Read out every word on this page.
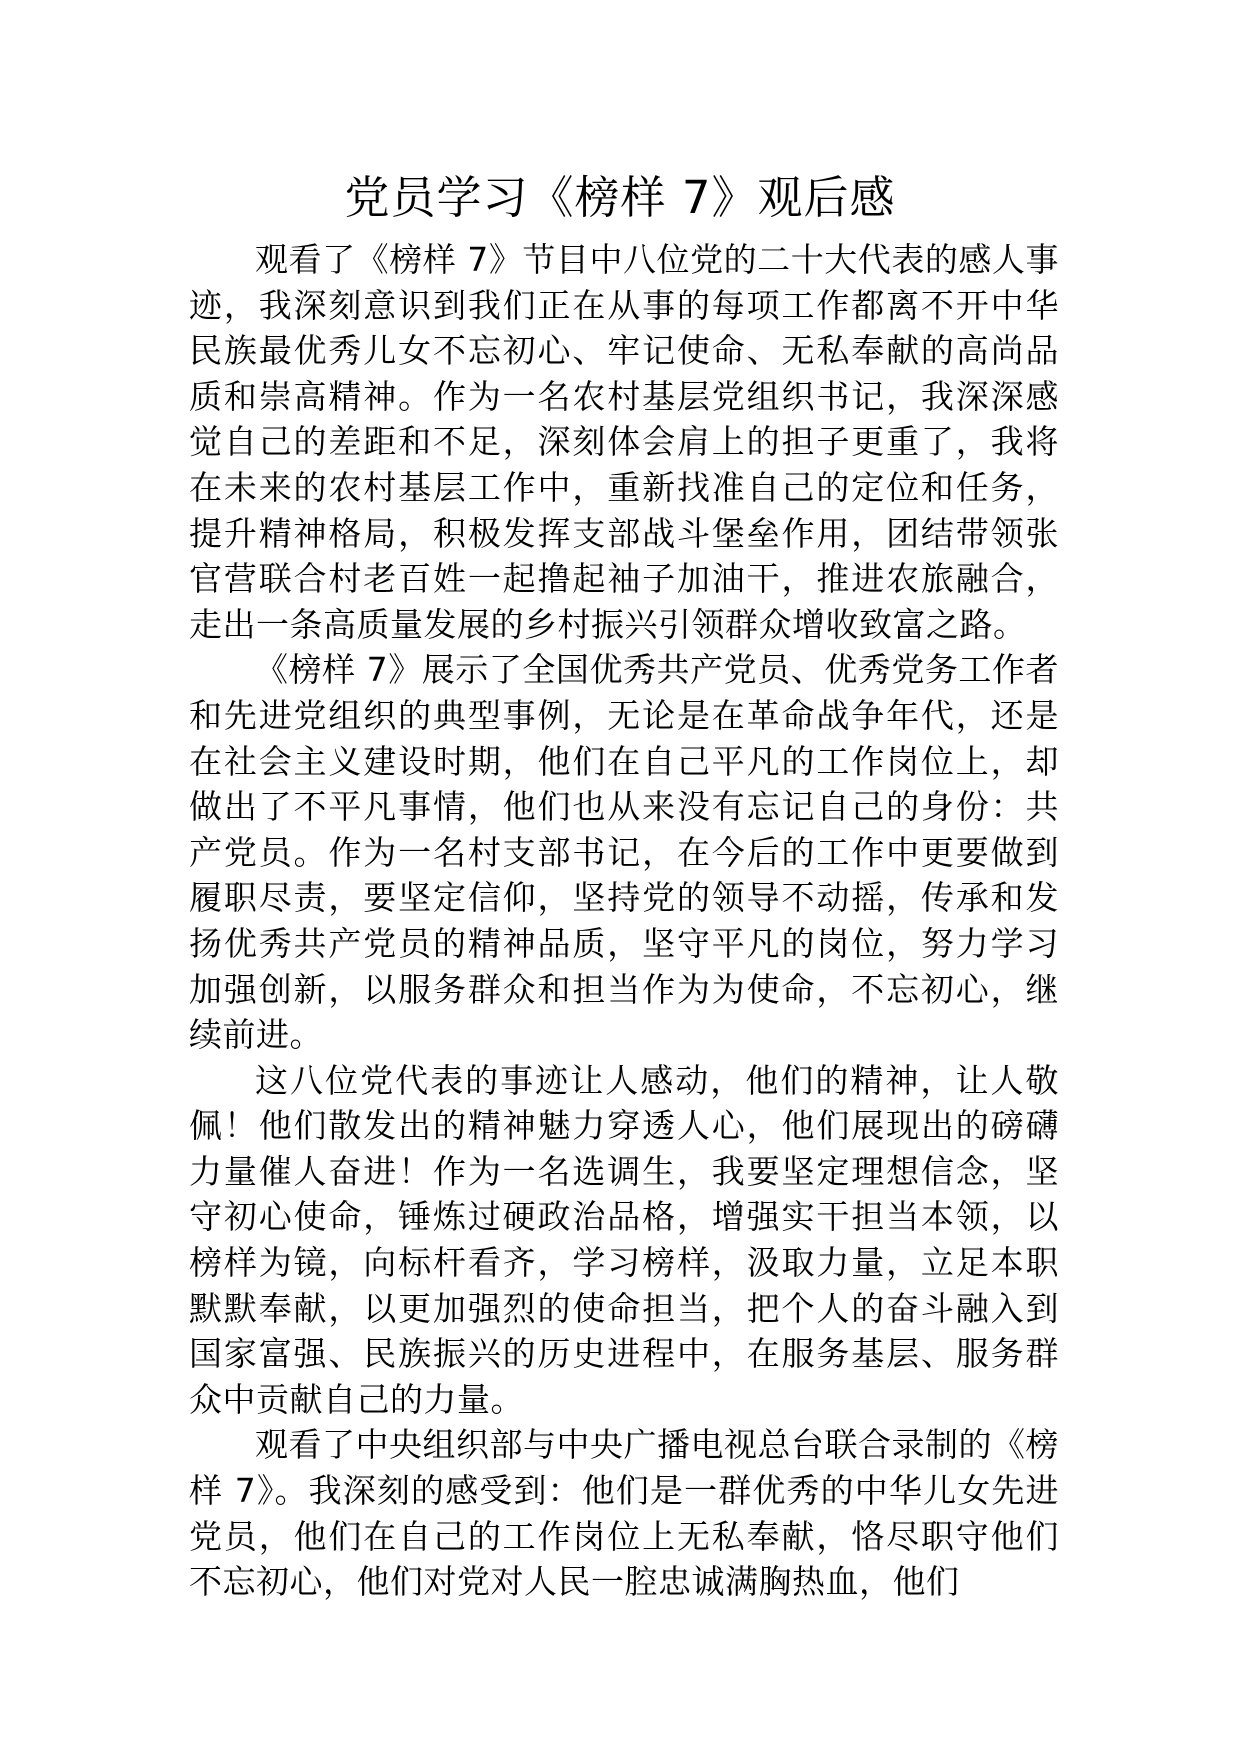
党员学习《榜样 7》观后感

观看了《榜样 7》节目中八位党的二十大代表的感人事迹，我深刻意识到我们正在从事的每项工作都离不开中华民族最优秀儿女不忘初心、牢记使命、无私奉献的高尚品质和崇高精神。作为一名农村基层党组织书记，我深深感觉自己的差距和不足，深刻体会肩上的担子更重了，我将在未来的农村基层工作中，重新找准自己的定位和任务，提升精神格局，积极发挥支部战斗堡垒作用，团结带领张官营联合村老百姓一起撸起袖子加油干，推进农旅融合，走出一条高质量发展的乡村振兴引领群众增收致富之路。

《榜样 7》展示了全国优秀共产党员、优秀党务工作者和先进党组织的典型事例，无论是在革命战争年代，还是在社会主义建设时期，他们在自己平凡的工作岗位上，却做出了不平凡事情，他们也从来没有忘记自己的身份：共产党员。作为一名村支部书记，在今后的工作中更要做到履职尽责，要坚定信仰，坚持党的领导不动摇，传承和发扬优秀共产党员的精神品质，坚守平凡的岗位，努力学习加强创新，以服务群众和担当作为为使命，不忘初心，继续前进。

这八位党代表的事迹让人感动，他们的精神，让人敬佩！他们散发出的精神魅力穿透人心，他们展现出的磅礴力量催人奋进！作为一名选调生，我要坚定理想信念，坚守初心使命，锤炼过硬政治品格，增强实干担当本领，以榜样为镜，向标杆看齐，学习榜样，汲取力量，立足本职默默奉献，以更加强烈的使命担当，把个人的奋斗融入到国家富强、民族振兴的历史进程中，在服务基层、服务群众中贡献自己的力量。

观看了中央组织部与中央广播电视总台联合录制的《榜样 7》。我深刻的感受到：他们是一群优秀的中华儿女先进党员，他们在自己的工作岗位上无私奉献，恪尽职守他们不忘初心，他们对党对人民一腔忠诚满胸热血，他们
